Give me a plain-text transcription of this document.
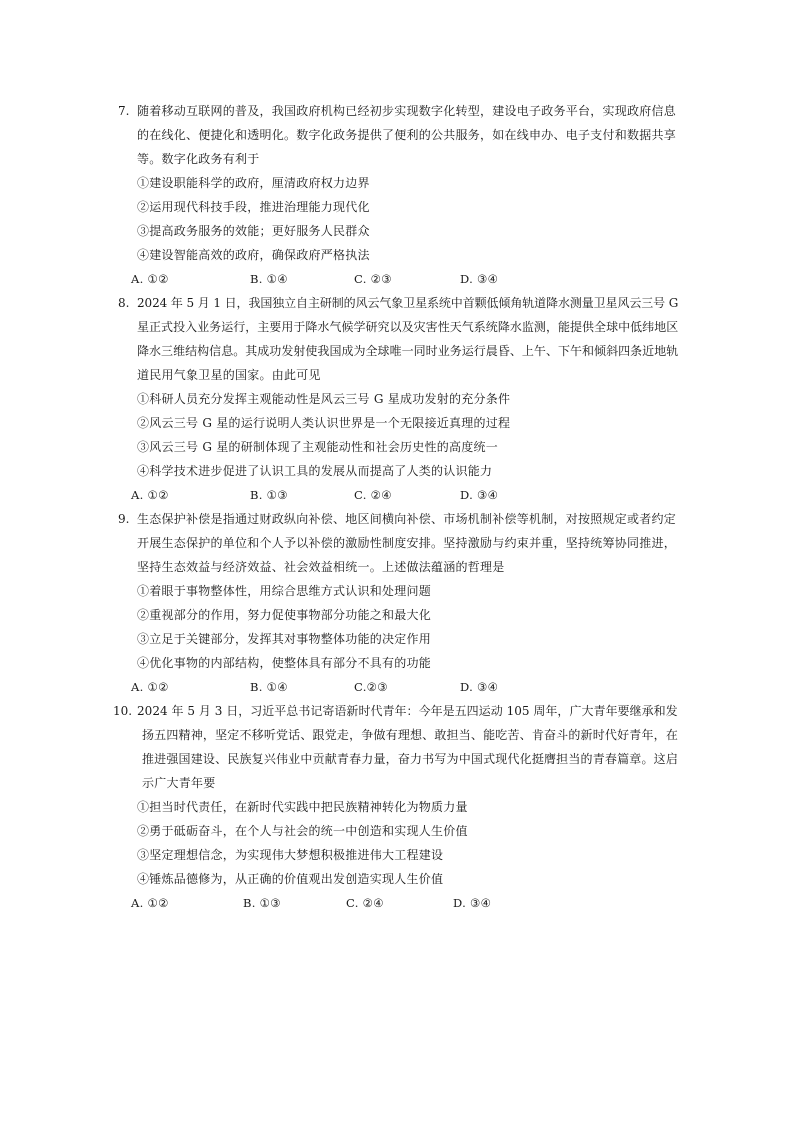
7. 随着移动互联网的普及，我国政府机构已经初步实现数字化转型，建设电子政务平台，实现政府信息
的在线化、便捷化和透明化。数字化政务提供了便利的公共服务，如在线申办、电子支付和数据共享
等。数字化政务有利于
①建设职能科学的政府，厘清政府权力边界
②运用现代科技手段，推进治理能力现代化
③提高政务服务的效能；更好服务人民群众
④建设智能高效的政府，确保政府严格执法
A. ①②	B. ①④	C. ②③	D. ③④
8. 2024 年 5 月 1 日，我国独立自主研制的风云气象卫星系统中首颗低倾角轨道降水测量卫星风云三号 G
星正式投入业务运行，主要用于降水气候学研究以及灾害性天气系统降水监测，能提供全球中低纬地区
降水三维结构信息。其成功发射使我国成为全球唯一同时业务运行晨昏、上午、下午和倾斜四条近地轨
道民用气象卫星的国家。由此可见
①科研人员充分发挥主观能动性是风云三号 G 星成功发射的充分条件
②风云三号 G 星的运行说明人类认识世界是一个无限接近真理的过程
③风云三号 G 星的研制体现了主观能动性和社会历史性的高度统一
④科学技术进步促进了认识工具的发展从而提高了人类的认识能力
A. ①②	B. ①③	C. ②④	D. ③④
9. 生态保护补偿是指通过财政纵向补偿、地区间横向补偿、市场机制补偿等机制，对按照规定或者约定
开展生态保护的单位和个人予以补偿的激励性制度安排。坚持激励与约束并重，坚持统筹协同推进，
坚持生态效益与经济效益、社会效益相统一。上述做法蕴涵的哲理是
①着眼于事物整体性，用综合思维方式认识和处理问题
②重视部分的作用，努力促使事物部分功能之和最大化
③立足于关键部分，发挥其对事物整体功能的决定作用
④优化事物的内部结构，使整体具有部分不具有的功能
A. ①②	B. ①④	C.②③	D. ③④
10. 2024 年 5 月 3 日，习近平总书记寄语新时代青年：今年是五四运动 105 周年，广大青年要继承和发
扬五四精神，坚定不移听党话、跟党走，争做有理想、敢担当、能吃苦、肯奋斗的新时代好青年，在
推进强国建设、民族复兴伟业中贡献青春力量，奋力书写为中国式现代化挺膺担当的青春篇章。这启
示广大青年要
①担当时代责任，在新时代实践中把民族精神转化为物质力量
②勇于砥砺奋斗，在个人与社会的统一中创造和实现人生价值
③坚定理想信念，为实现伟大梦想积极推进伟大工程建设
④锤炼品德修为，从正确的价值观出发创造实现人生价值
A. ①②	B. ①③	C. ②④	D. ③④
